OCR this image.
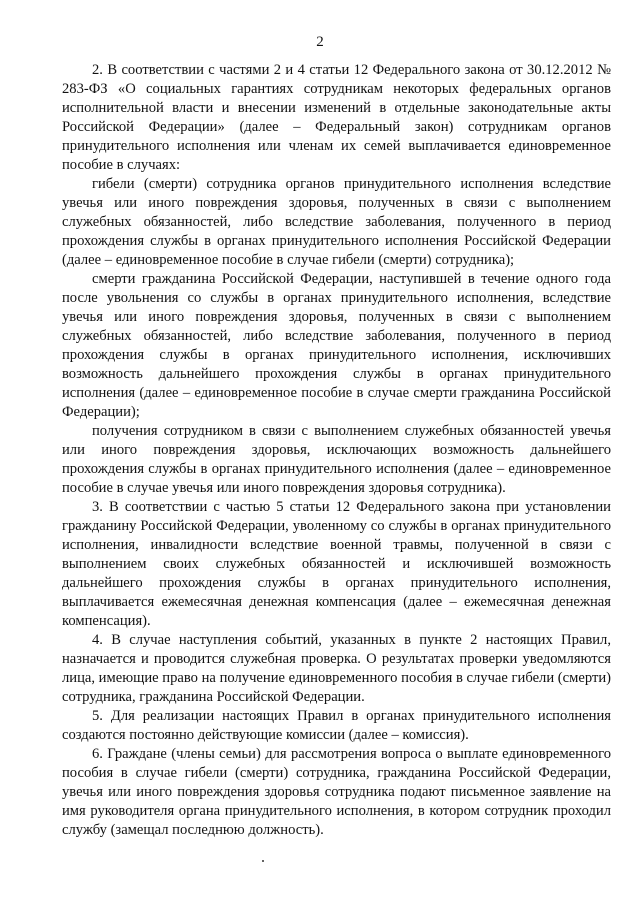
2

2. В соответствии с частями 2 и 4 статьи 12 Федерального закона от 30.12.2012 № 283-ФЗ «О социальных гарантиях сотрудникам некоторых федеральных органов исполнительной власти и внесении изменений в отдельные законодательные акты Российской Федерации» (далее – Федеральный закон) сотрудникам органов принудительного исполнения или членам их семей выплачивается единовременное пособие в случаях:

гибели (смерти) сотрудника органов принудительного исполнения вследствие увечья или иного повреждения здоровья, полученных в связи с выполнением служебных обязанностей, либо вследствие заболевания, полученного в период прохождения службы в органах принудительного исполнения Российской Федерации (далее – единовременное пособие в случае гибели (смерти) сотрудника);

смерти гражданина Российской Федерации, наступившей в течение одного года после увольнения со службы в органах принудительного исполнения, вследствие увечья или иного повреждения здоровья, полученных в связи с выполнением служебных обязанностей, либо вследствие заболевания, полученного в период прохождения службы в органах принудительного исполнения, исключивших возможность дальнейшего прохождения службы в органах принудительного исполнения (далее – единовременное пособие в случае смерти гражданина Российской Федерации);

получения сотрудником в связи с выполнением служебных обязанностей увечья или иного повреждения здоровья, исключающих возможность дальнейшего прохождения службы в органах принудительного исполнения (далее – единовременное пособие в случае увечья или иного повреждения здоровья сотрудника).

3. В соответствии с частью 5 статьи 12 Федерального закона при установлении гражданину Российской Федерации, уволенному со службы в органах принудительного исполнения, инвалидности вследствие военной травмы, полученной в связи с выполнением своих служебных обязанностей и исключившей возможность дальнейшего прохождения службы в органах принудительного исполнения, выплачивается ежемесячная денежная компенсация (далее – ежемесячная денежная компенсация).

4. В случае наступления событий, указанных в пункте 2 настоящих Правил, назначается и проводится служебная проверка. О результатах проверки уведомляются лица, имеющие право на получение единовременного пособия в случае гибели (смерти) сотрудника, гражданина Российской Федерации.

5. Для реализации настоящих Правил в органах принудительного исполнения создаются постоянно действующие комиссии (далее – комиссия).

6. Граждане (члены семьи) для рассмотрения вопроса о выплате единовременного пособия в случае гибели (смерти) сотрудника, гражданина Российской Федерации, увечья или иного повреждения здоровья сотрудника подают письменное заявление на имя руководителя органа принудительного исполнения, в котором сотрудник проходил службу (замещал последнюю должность).
